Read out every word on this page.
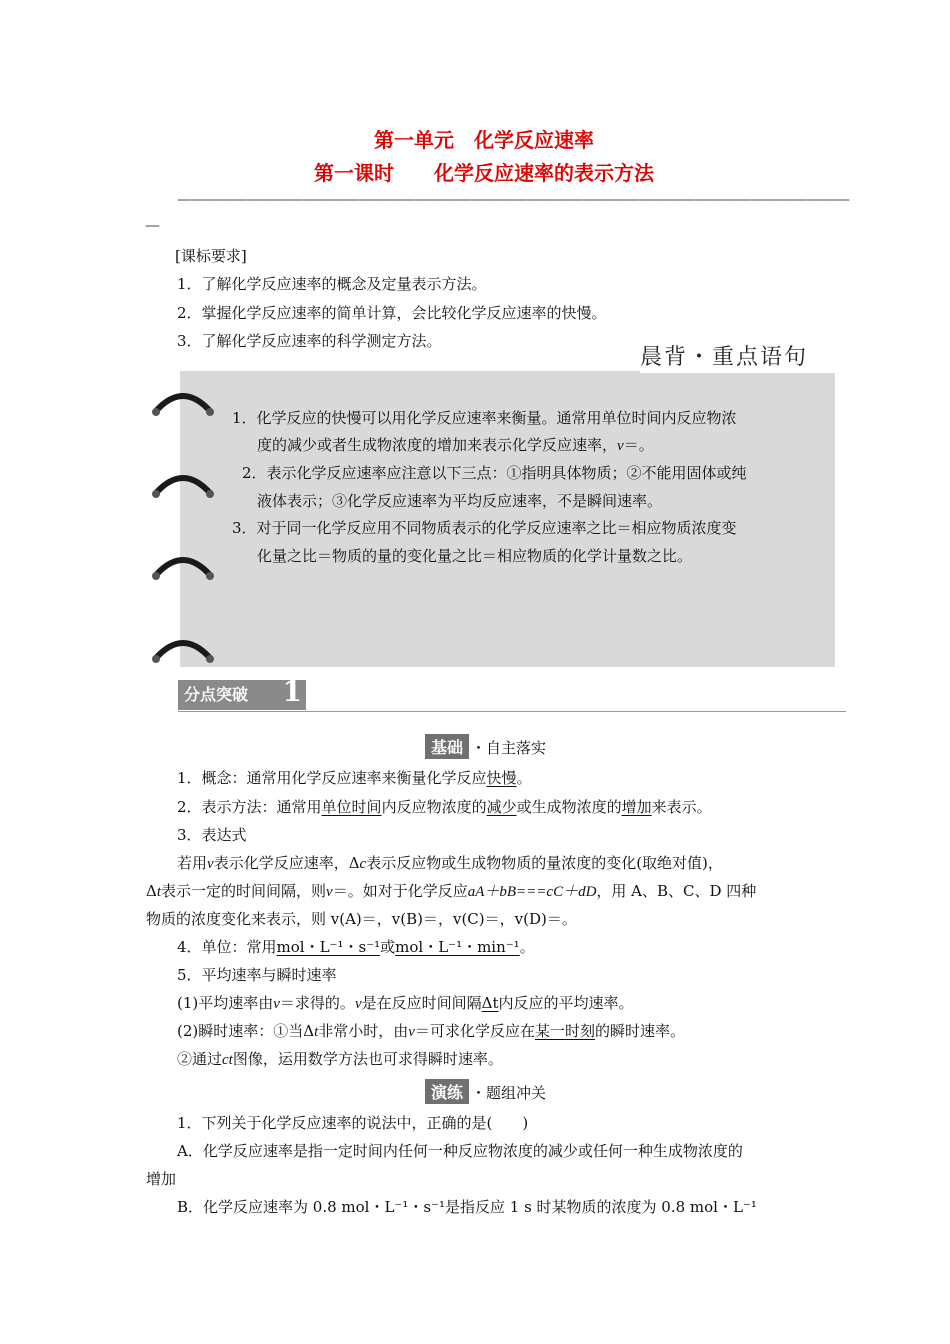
第一单元　化学反应速率
第一课时　　化学反应速率的表示方法
————————————————————————————————————————————————
—
[课标要求]
1．了解化学反应速率的概念及定量表示方法。
2．掌握化学反应速率的简单计算，会比较化学反应速率的快慢。
3．了解化学反应速率的科学测定方法。
1．化学反应的快慢可以用化学反应速率来衡量。通常用单位时间内反应物浓
度的减少或者生成物浓度的增加来表示化学反应速率，v＝。
2．表示化学反应速率应注意以下三点：①指明具体物质；②不能用固体或纯
液体表示；③化学反应速率为平均反应速率，不是瞬间速率。
3．对于同一化学反应用不同物质表示的化学反应速率之比＝相应物质浓度变
化量之比＝物质的量的变化量之比＝相应物质的化学计量数之比。
晨背・重点语句
分点突破 1
基础 ・自主落实
1．概念：通常用化学反应速率来衡量化学反应快慢。
2．表示方法：通常用单位时间内反应物浓度的减少或生成物浓度的增加来表示。
3．表达式
若用v表示化学反应速率，Δc表示反应物或生成物物质的量浓度的变化(取绝对值)，
Δt表示一定的时间间隔，则v＝。如对于化学反应aA＋bB===cC＋dD，用 A、B、C、D 四种
物质的浓度变化来表示，则 v(A)＝，v(B)＝，v(C)＝，v(D)＝。
4．单位：常用mol・L⁻¹・s⁻¹或mol・L⁻¹・min⁻¹。
5．平均速率与瞬时速率
(1)平均速率由v＝求得的。v是在反应时间间隔Δt内反应的平均速率。
(2)瞬时速率：①当Δt非常小时，由v＝可求化学反应在某一时刻的瞬时速率。
②通过ct图像，运用数学方法也可求得瞬时速率。
演练 ・题组冲关
1．下列关于化学反应速率的说法中，正确的是(　　)
A．化学反应速率是指一定时间内任何一种反应物浓度的减少或任何一种生成物浓度的
增加
B．化学反应速率为 0.8 mol・L⁻¹・s⁻¹是指反应 1 s 时某物质的浓度为 0.8 mol・L⁻¹
